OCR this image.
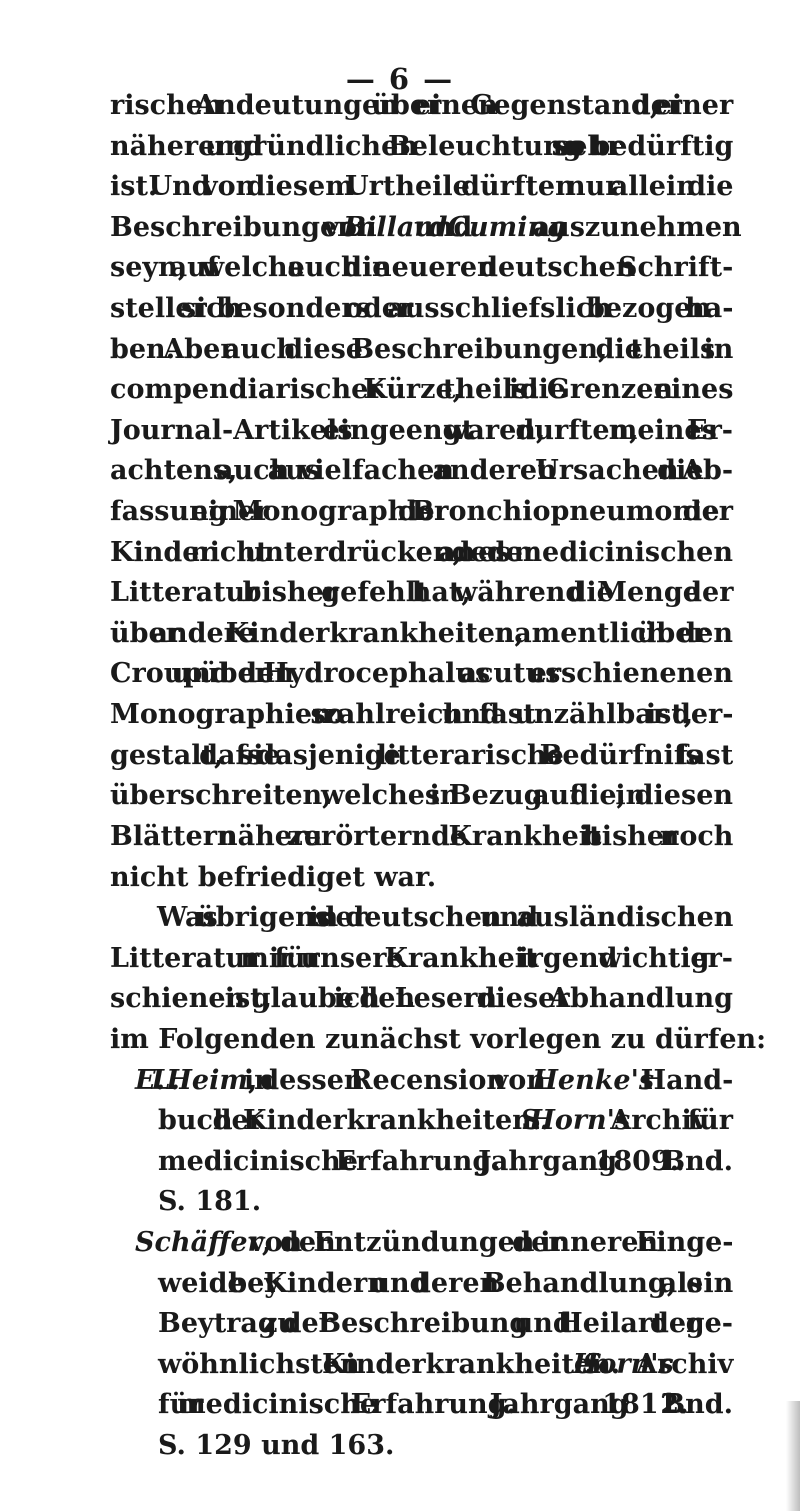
— 6 —
rischen Andeutungen über einen Gegenstand, der einer
näheren und gründlichen Beleuchtung so sehr bedürftig
ist. Und von diesem Urtheile dürften nur allein die
Beschreibungen von BillardCuming auszunehmen
seyn, auf welche auch die neueren deutschen Schrift-
steller sich besonders oder ausschliefslich bezogen ha-
ben. Aber auch diese Beschreibungen, die theils in
compendiarischer Kürze, theils in die Grenzen eines
Journal-Artikels eingeengt waren, durften, meines Er-
achtens, auch aus vielfachen anderen Ursachen die Ab-
fassung einer Monographie der Bronchiopneumonie der
Kinder nicht unterdrücken, an der es der medicinischen
Litteratur bisher gefehlt hat, während die Menge der
über andere Kinderkrankheiten, namentlich über den
Croup und über den Hydrocephalus acutus erschienenen
Monographien so zahlreich und fast unzählbar ist, der-
gestalt, dafs sie dasjenige litterarische Bedürfnifs fast
überschreiten, welches in Bezug auf die, in diesen
Blättern näher zu erörternde Krankheit bisher noch
nicht befriediget war.
Was übrigens in der deutschen und ausländischen
Litteratur mir für unsere Krankheit irgend wichtig er-
schienen ist, glaube ich den Lesern dieser Abhandlung
im Folgenden zunächst vorlegen zu dürfen:
E. L. Heim, in dessen Recension von Henke's Hand-
buch der Kinderkrankheiten. S. Horn's Archiv für
medicinische Erfahrung. Jahrgang 1809. 1. Bnd.
S. 181.
Schäffer, von den Entzündungen der inneren Einge-
weide bey Kindern und deren Behandlung, als ein
Beytrag zu der Beschreibung und Heilart der ge-
wöhnlichsten Kinderkrankheiten. S. Horn's Archiv
für medicinische Erfahrung. Jahrgang 1811. 2. Bnd.
S. 129 und 163.
